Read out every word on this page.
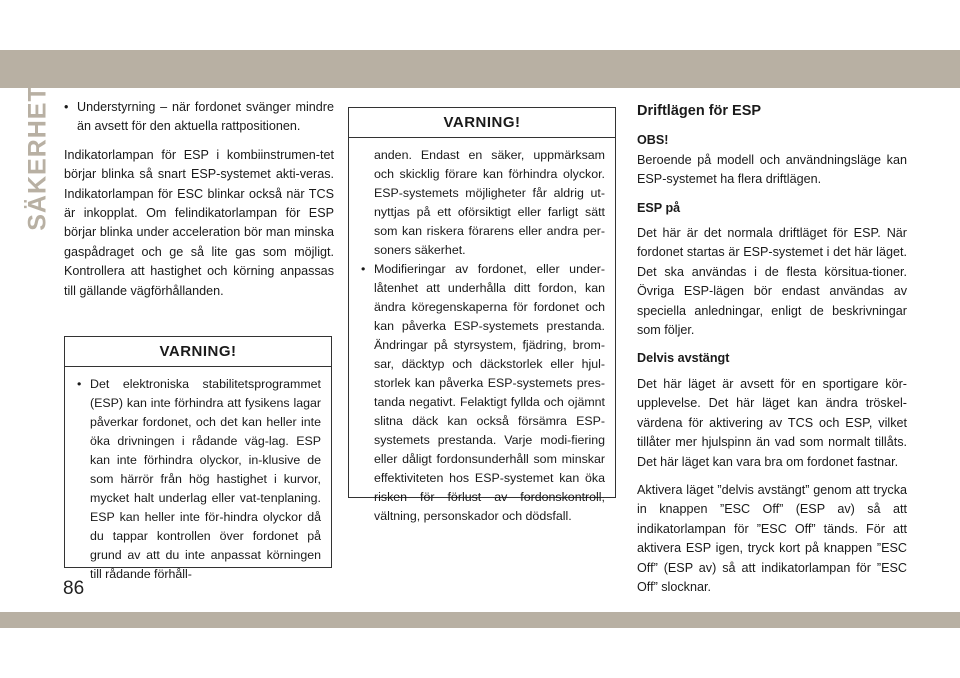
SÄKERHET

•	Understyrning – när fordonet svänger mindre än avsett för den aktuella rattpositionen.

Indikatorlampan för ESP i kombiinstrumen-tet börjar blinka så snart ESP-systemet akti-veras. Indikatorlampan för ESC blinkar också när TCS är inkopplat. Om felindikatorlampan för ESP börjar blinka under acceleration bör man minska gaspådraget och ge så lite gas som möjligt. Kontrollera att hastighet och körning anpassas till gällande vägförhållanden.

VARNING!

• Det elektroniska stabilitetsprogrammet (ESP) kan inte förhindra att fysikens lagar påverkar fordonet, och det kan heller inte öka drivningen i rådande väg-lag. ESP kan inte förhindra olyckor, in-klusive de som härrör från hög hastighet i kurvor, mycket halt underlag eller vat-tenplaning. ESP kan heller inte för-hindra olyckor då du tappar kontrollen över fordonet på grund av att du inte anpassat körningen till rådande förhåll-

VARNING!

anden. Endast en säker, uppmärksam och skicklig förare kan förhindra olyckor. ESP-systemets möjligheter får aldrig ut-nyttjas på ett oförsiktigt eller farligt sätt som kan riskera förarens eller andra per-soners säkerhet.

• Modifieringar av fordonet, eller under-låtenhet att underhålla ditt fordon, kan ändra köregenskaperna för fordonet och kan påverka ESP-systemets prestanda. Ändringar på styrsystem, fjädring, brom-sar, däcktyp och däckstorlek eller hjul-storlek kan påverka ESP-systemets pres-tanda negativt. Felaktigt fyllda och ojämnt slitna däck kan också försämra ESP-systemets prestanda. Varje modi-fiering eller dåligt fordonsunderhåll som minskar effektiviteten hos ESP-systemet kan öka risken för förlust av fordonskontroll, vältning, personskador och dödsfall.

Driftlägen för ESP

OBS!

Beroende på modell och användningsläge kan ESP-systemet ha flera driftlägen.

ESP på

Det här är det normala driftläget för ESP. När fordonet startas är ESP-systemet i det här läget. Det ska användas i de flesta körsitua-tioner. Övriga ESP-lägen bör endast användas av speciella anledningar, enligt de beskrivningar som följer.

Delvis avstängt

Det här läget är avsett för en sportigare kör-upplevelse. Det här läget kan ändra tröskel-värdena för aktivering av TCS och ESP, vilket tillåter mer hjulspinn än vad som normalt tillåts. Det här läget kan vara bra om fordonet fastnar.

Aktivera läget ”delvis avstängt” genom att trycka in knappen ”ESC Off” (ESP av) så att indikatorlampan för ”ESC Off” tänds. För att aktivera ESP igen, tryck kort på knappen ”ESC Off” (ESP av) så att indikatorlampan för ”ESC Off” slocknar.

86
